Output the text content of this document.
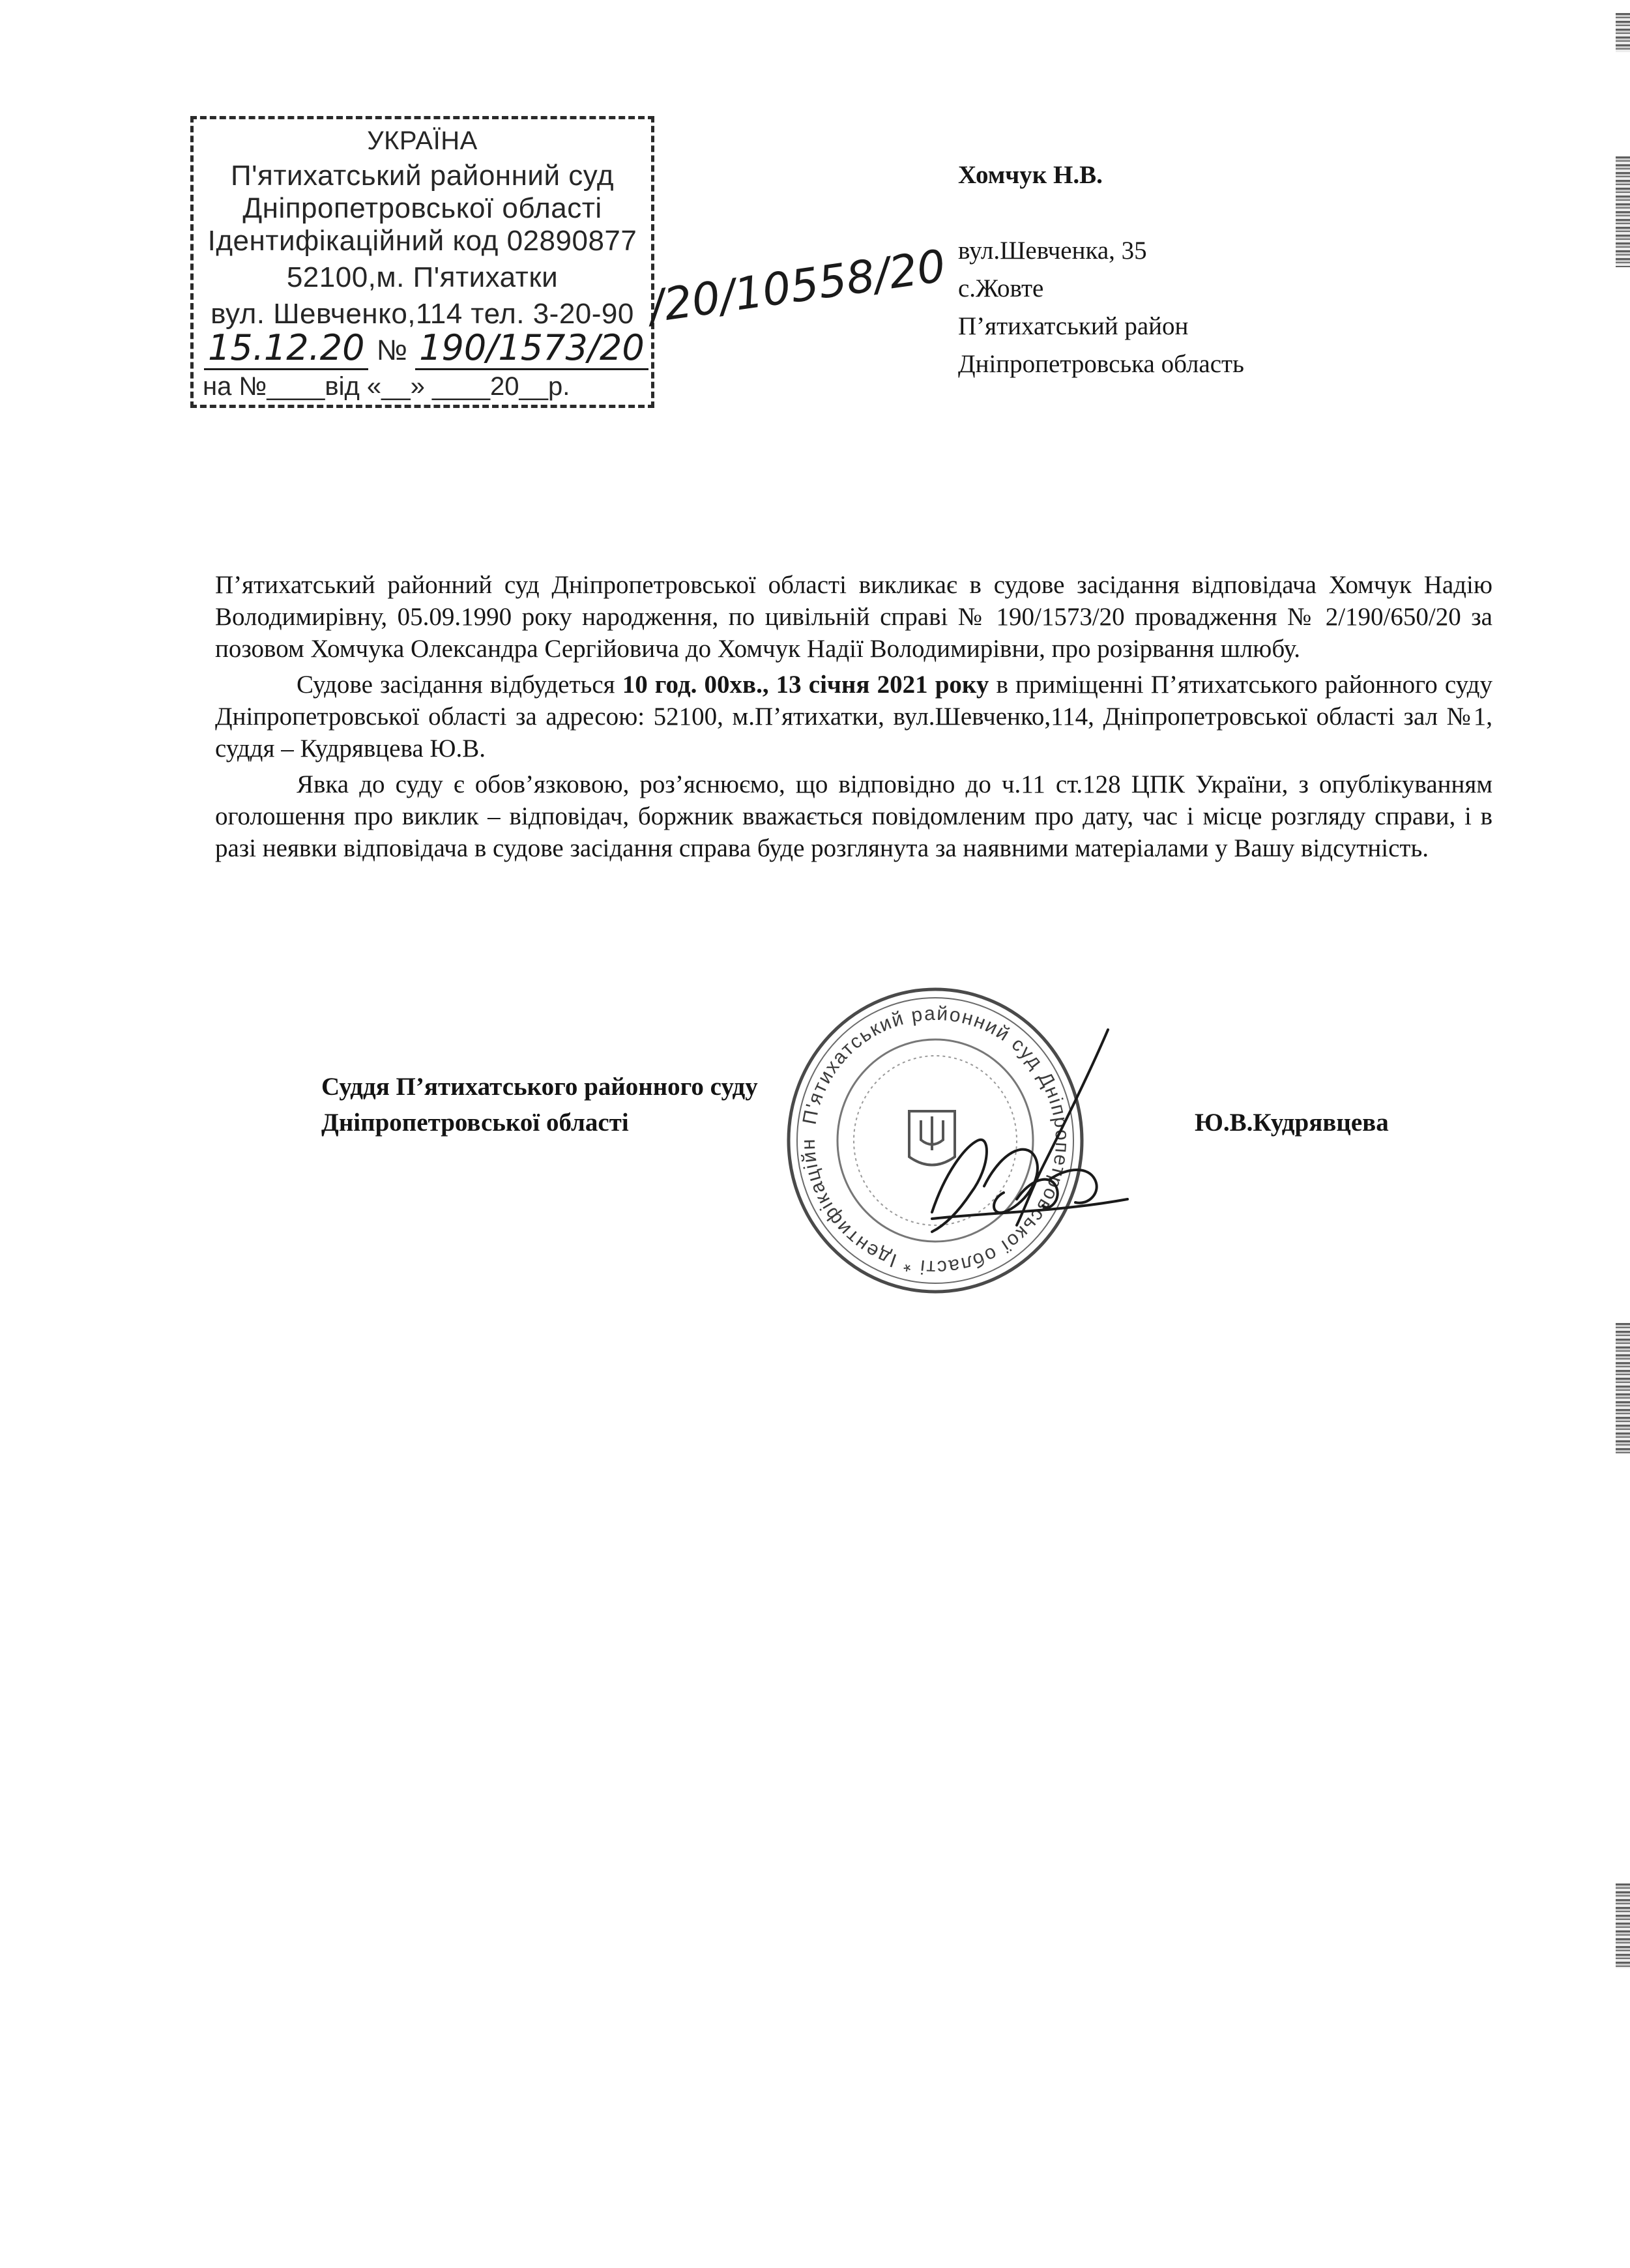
УКРАЇНА
П'ятихатський районний суд
Дніпропетровської області
Ідентифікаційний код 02890877
52100,м. П'ятихатки
вул. Шевченко,114 тел. 3-20-90
15.12.20 № 190/1573/20
на №____від «__» ____20__р.
/20/10558/20
Хомчук Н.В.
вул.Шевченка, 35
с.Жовте
П’ятихатський район
Дніпропетровська область

П’ятихатський районний суд Дніпропетровської області викликає в судове засідання відповідача Хомчук Надію Володимирівну, 05.09.1990 року народження, по цивільній справі № 190/1573/20 провадження № 2/190/650/20 за позовом Хомчука Олександра Сергійовича до Хомчук Надії Володимирівни, про розірвання шлюбу.

Судове засідання відбудеться 10 год. 00хв., 13 січня 2021 року в приміщенні П’ятихатського районного суду Дніпропетровської області за адресою: 52100, м.П’ятихатки, вул.Шевченко,114, Дніпропетровської області зал №1, суддя – Кудрявцева Ю.В.

Явка до суду є обов’язковою, роз’яснюємо, що відповідно до ч.11 ст.128 ЦПК України, з опублікуванням оголошення про виклик – відповідач, боржник вважається повідомленим про дату, час і місце розгляду справи, і в разі неявки відповідача в судове засідання справа буде розглянута за наявними матеріалами у Вашу відсутність.

П'ятихатський районний суд Дніпропетровської області * Ідентифікаційн
Суддя П’ятихатського районного суду
Дніпропетровської області	Ю.В.Кудрявцева
